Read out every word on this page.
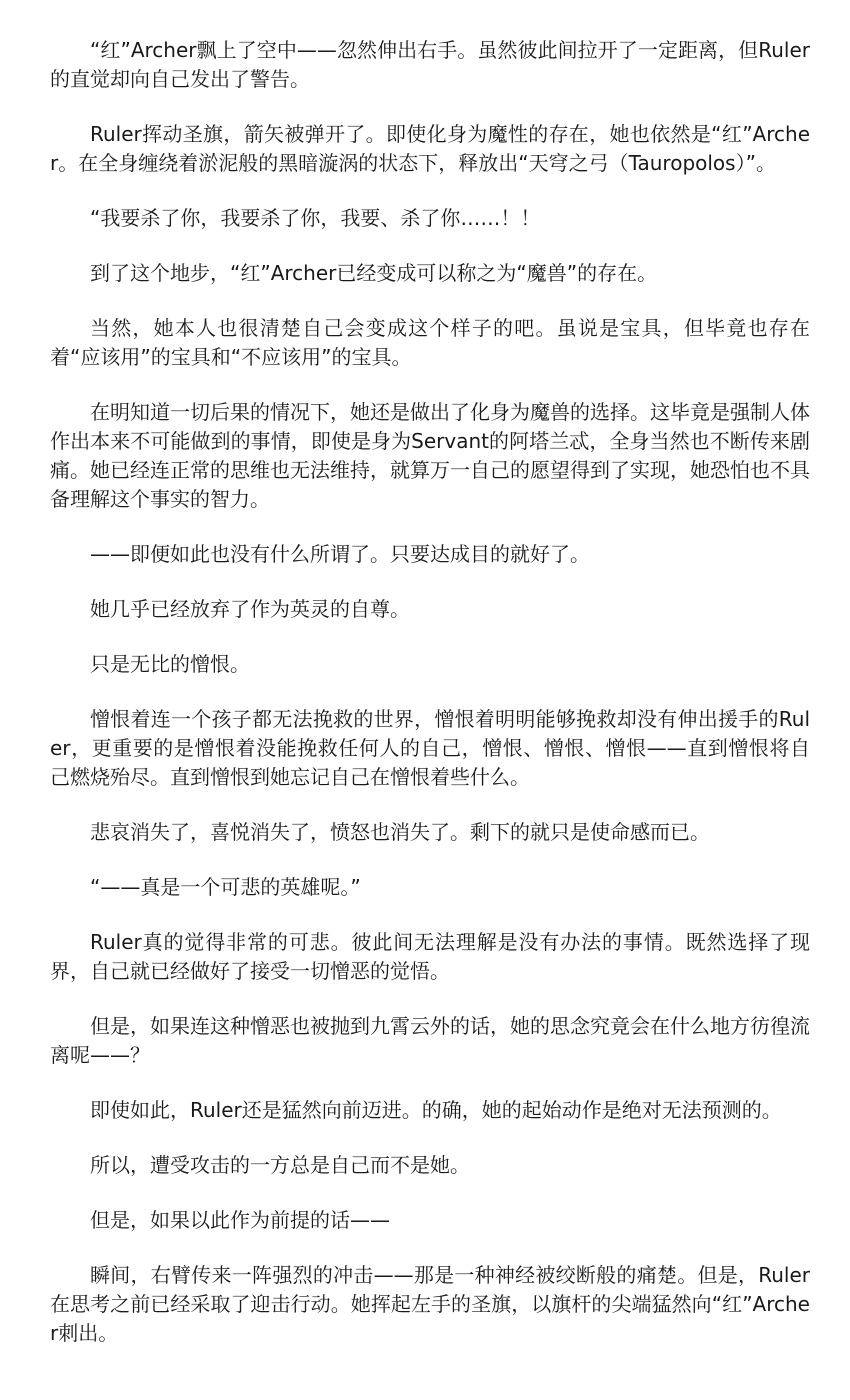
“红”Archer飘上了空中——忽然伸出右手。虽然彼此间拉开了一定距离，但Ruler的直觉却向自己发出了警告。

Ruler挥动圣旗，箭矢被弹开了。即使化身为魔性的存在，她也依然是“红”Archer。在全身缠绕着淤泥般的黑暗漩涡的状态下，释放出“天穹之弓（Tauropolos）”。

“我要杀了你，我要杀了你，我要、杀了你……！！

到了这个地步，“红”Archer已经变成可以称之为“魔兽”的存在。

当然，她本人也很清楚自己会变成这个样子的吧。虽说是宝具，但毕竟也存在着“应该用”的宝具和“不应该用”的宝具。

在明知道一切后果的情况下，她还是做出了化身为魔兽的选择。这毕竟是强制人体作出本来不可能做到的事情，即使是身为Servant的阿塔兰忒，全身当然也不断传来剧痛。她已经连正常的思维也无法维持，就算万一自己的愿望得到了实现，她恐怕也不具备理解这个事实的智力。

——即便如此也没有什么所谓了。只要达成目的就好了。

她几乎已经放弃了作为英灵的自尊。

只是无比的憎恨。

憎恨着连一个孩子都无法挽救的世界，憎恨着明明能够挽救却没有伸出援手的Ruler，更重要的是憎恨着没能挽救任何人的自己，憎恨、憎恨、憎恨——直到憎恨将自己燃烧殆尽。直到憎恨到她忘记自己在憎恨着些什么。

悲哀消失了，喜悦消失了，愤怒也消失了。剩下的就只是使命感而已。

“——真是一个可悲的英雄呢。”

Ruler真的觉得非常的可悲。彼此间无法理解是没有办法的事情。既然选择了现界，自己就已经做好了接受一切憎恶的觉悟。

但是，如果连这种憎恶也被抛到九霄云外的话，她的思念究竟会在什么地方彷徨流离呢——？

即使如此，Ruler还是猛然向前迈进。的确，她的起始动作是绝对无法预测的。

所以，遭受攻击的一方总是自己而不是她。

但是，如果以此作为前提的话——

瞬间，右臂传来一阵强烈的冲击——那是一种神经被绞断般的痛楚。但是，Ruler在思考之前已经采取了迎击行动。她挥起左手的圣旗，以旗杆的尖端猛然向“红”Archer刺出。
